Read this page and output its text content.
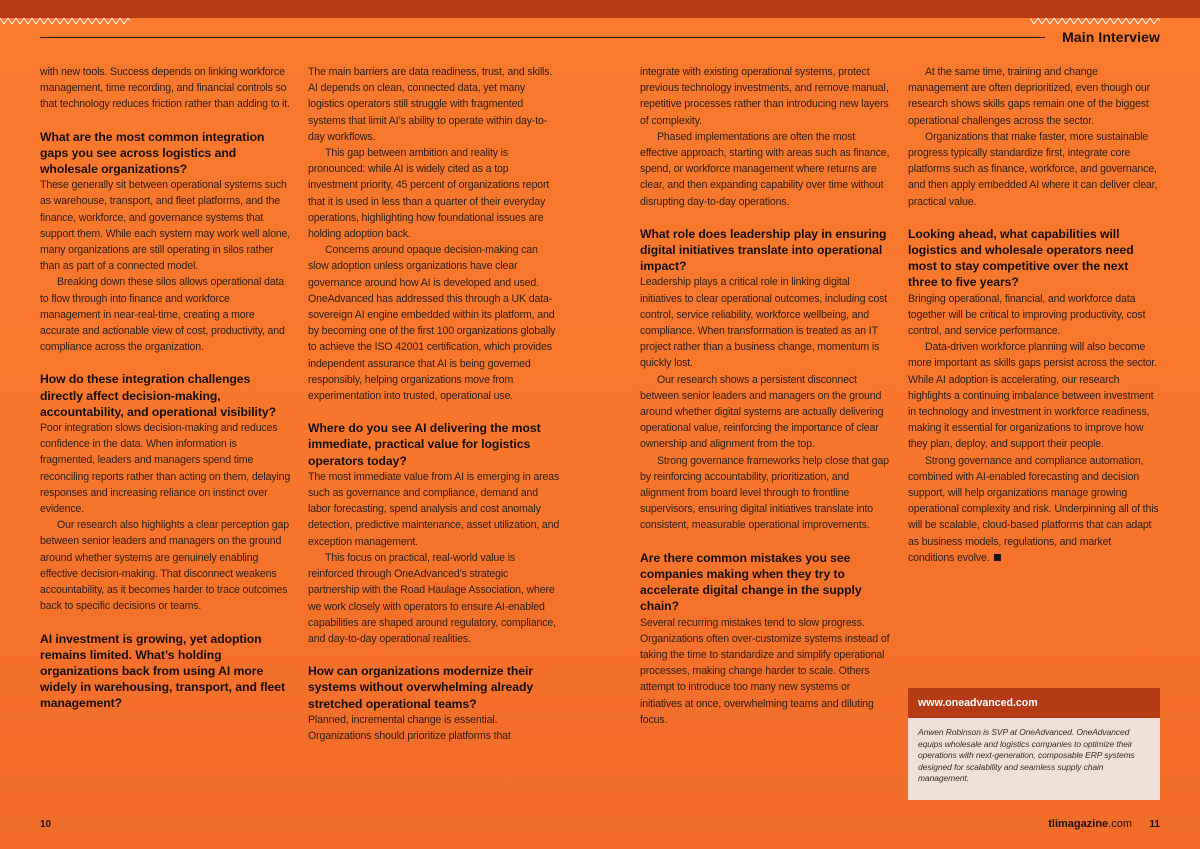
Main Interview

with new tools. Success depends on linking workforce management, time recording, and financial controls so that technology reduces friction rather than adding to it.

What are the most common integration gaps you see across logistics and wholesale organizations?

These generally sit between operational systems such as warehouse, transport, and fleet platforms, and the finance, workforce, and governance systems that support them. While each system may work well alone, many organizations are still operating in silos rather than as part of a connected model.

Breaking down these silos allows operational data to flow through into finance and workforce management in near-real-time, creating a more accurate and actionable view of cost, productivity, and compliance across the organization.

How do these integration challenges directly affect decision-making, accountability, and operational visibility?

Poor integration slows decision-making and reduces confidence in the data. When information is fragmented, leaders and managers spend time reconciling reports rather than acting on them, delaying responses and increasing reliance on instinct over evidence.

Our research also highlights a clear perception gap between senior leaders and managers on the ground around whether systems are genuinely enabling effective decision-making. That disconnect weakens accountability, as it becomes harder to trace outcomes back to specific decisions or teams.

AI investment is growing, yet adoption remains limited. What’s holding organizations back from using AI more widely in warehousing, transport, and fleet management?

The main barriers are data readiness, trust, and skills. AI depends on clean, connected data, yet many logistics operators still struggle with fragmented systems that limit AI’s ability to operate within day-to-day workflows.

This gap between ambition and reality is pronounced: while AI is widely cited as a top investment priority, 45 percent of organizations report that it is used in less than a quarter of their everyday operations, highlighting how foundational issues are holding adoption back.

Concerns around opaque decision-making can slow adoption unless organizations have clear governance around how AI is developed and used. OneAdvanced has addressed this through a UK data-sovereign AI engine embedded within its platform, and by becoming one of the first 100 organizations globally to achieve the ISO 42001 certification, which provides independent assurance that AI is being governed responsibly, helping organizations move from experimentation into trusted, operational use.

Where do you see AI delivering the most immediate, practical value for logistics operators today?

The most immediate value from AI is emerging in areas such as governance and compliance, demand and labor forecasting, spend analysis and cost anomaly detection, predictive maintenance, asset utilization, and exception management.

This focus on practical, real-world value is reinforced through OneAdvanced’s strategic partnership with the Road Haulage Association, where we work closely with operators to ensure AI-enabled capabilities are shaped around regulatory, compliance, and day-to-day operational realities.

How can organizations modernize their systems without overwhelming already stretched operational teams?

Planned, incremental change is essential. Organizations should prioritize platforms that

integrate with existing operational systems, protect previous technology investments, and remove manual, repetitive processes rather than introducing new layers of complexity.

Phased implementations are often the most effective approach, starting with areas such as finance, spend, or workforce management where returns are clear, and then expanding capability over time without disrupting day-to-day operations.

What role does leadership play in ensuring digital initiatives translate into operational impact?

Leadership plays a critical role in linking digital initiatives to clear operational outcomes, including cost control, service reliability, workforce wellbeing, and compliance. When transformation is treated as an IT project rather than a business change, momentum is quickly lost.

Our research shows a persistent disconnect between senior leaders and managers on the ground around whether digital systems are actually delivering operational value, reinforcing the importance of clear ownership and alignment from the top.

Strong governance frameworks help close that gap by reinforcing accountability, prioritization, and alignment from board level through to frontline supervisors, ensuring digital initiatives translate into consistent, measurable operational improvements.

Are there common mistakes you see companies making when they try to accelerate digital change in the supply chain?

Several recurring mistakes tend to slow progress. Organizations often over-customize systems instead of taking the time to standardize and simplify operational processes, making change harder to scale. Others attempt to introduce too many new systems or initiatives at once, overwhelming teams and diluting focus.

At the same time, training and change management are often deprioritized, even though our research shows skills gaps remain one of the biggest operational challenges across the sector.

Organizations that make faster, more sustainable progress typically standardize first, integrate core platforms such as finance, workforce, and governance, and then apply embedded AI where it can deliver clear, practical value.

Looking ahead, what capabilities will logistics and wholesale operators need most to stay competitive over the next three to five years?

Bringing operational, financial, and workforce data together will be critical to improving productivity, cost control, and service performance.

Data-driven workforce planning will also become more important as skills gaps persist across the sector. While AI adoption is accelerating, our research highlights a continuing imbalance between investment in technology and investment in workforce readiness, making it essential for organizations to improve how they plan, deploy, and support their people.

Strong governance and compliance automation, combined with AI-enabled forecasting and decision support, will help organizations manage growing operational complexity and risk. Underpinning all of this will be scalable, cloud-based platforms that can adapt as business models, regulations, and market conditions evolve.

www.oneadvanced.com
Anwen Robinson is SVP at OneAdvanced. OneAdvanced equips wholesale and logistics companies to optimize their operations with next-generation, composable ERP systems designed for scalability and seamless supply chain management.
10	tlimagazine.com 11
